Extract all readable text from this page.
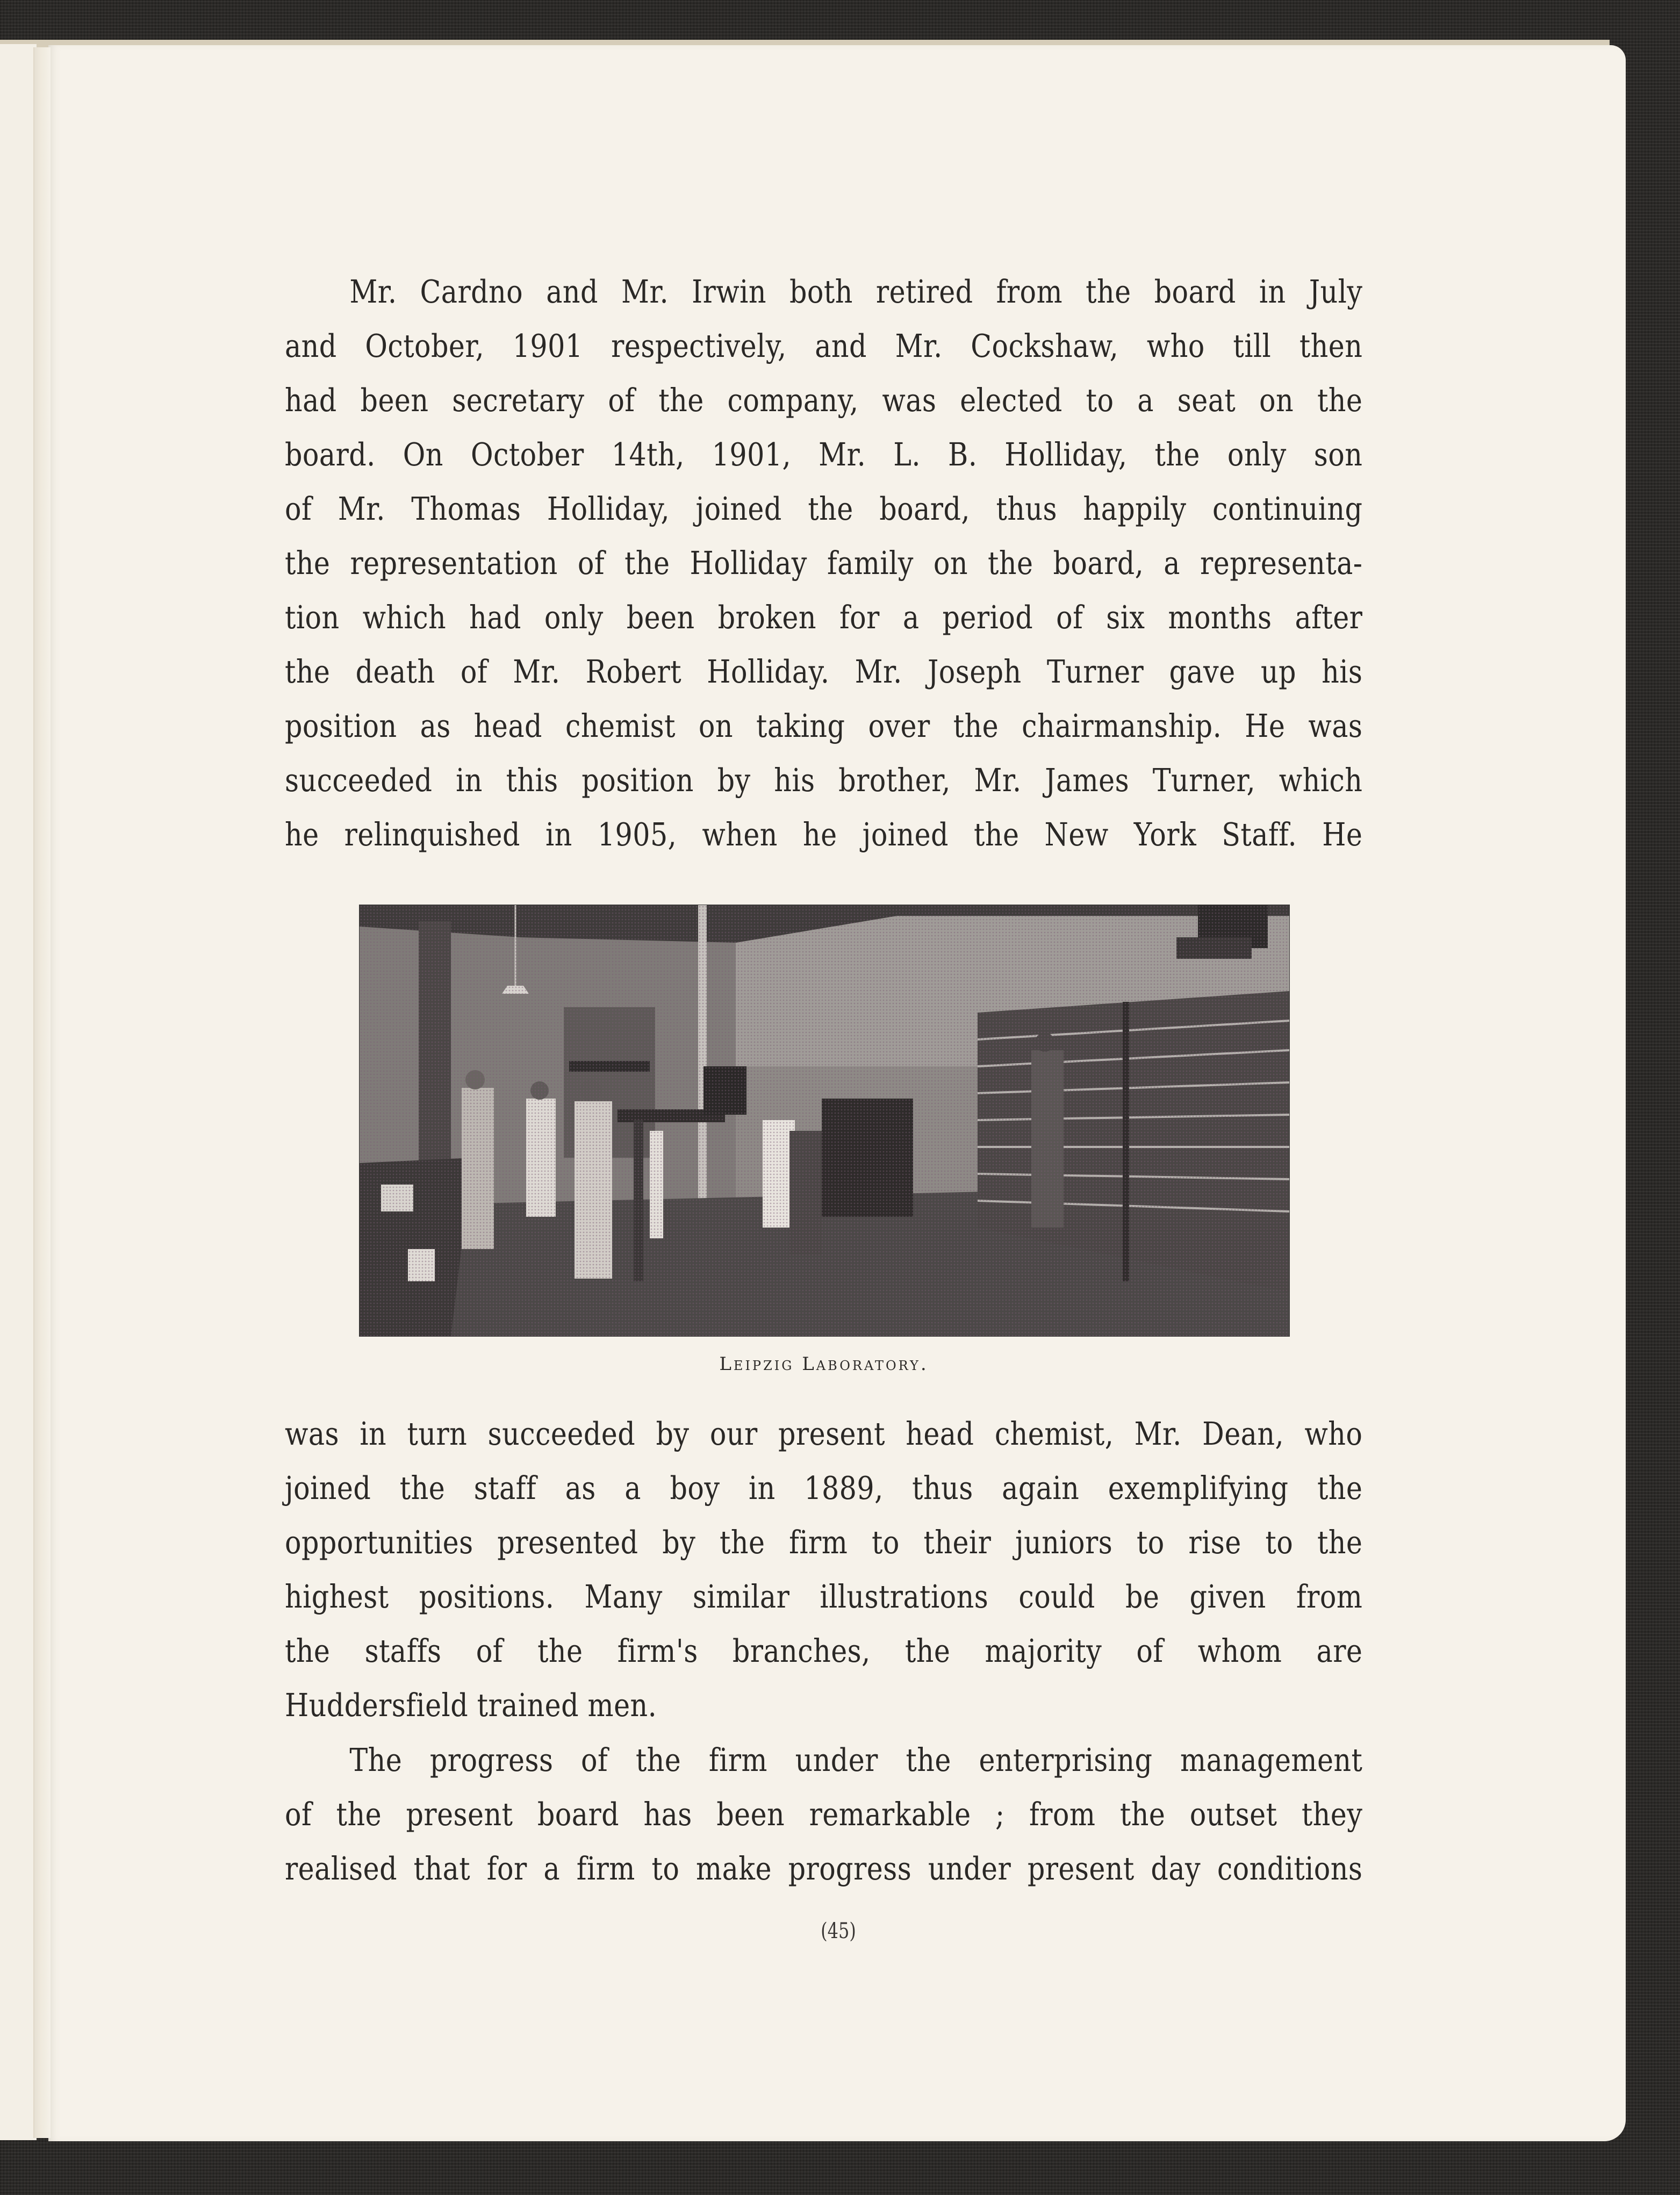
Mr. Cardno and Mr. Irwin both retired from the board in July
and October, 1901 respectively, and Mr. Cockshaw, who till then
had been secretary of the company, was elected to a seat on the
board. On October 14th, 1901, Mr. L. B. Holliday, the only son
of Mr. Thomas Holliday, joined the board, thus happily continuing
the representation of the Holliday family on the board, a representa-
tion which had only been broken for a period of six months after
the death of Mr. Robert Holliday. Mr. Joseph Turner gave up his
position as head chemist on taking over the chairmanship. He was
succeeded in this position by his brother, Mr. James Turner, which
he relinquished in 1905, when he joined the New York Staff. He
Leipzig Laboratory.
was in turn succeeded by our present head chemist, Mr. Dean, who
joined the staff as a boy in 1889, thus again exemplifying the
opportunities presented by the firm to their juniors to rise to the
highest positions. Many similar illustrations could be given from
the staffs of the firm's branches, the majority of whom are
Huddersfield trained men.
The progress of the firm under the enterprising management
of the present board has been remarkable ; from the outset they
realised that for a firm to make progress under present day conditions
(45)
